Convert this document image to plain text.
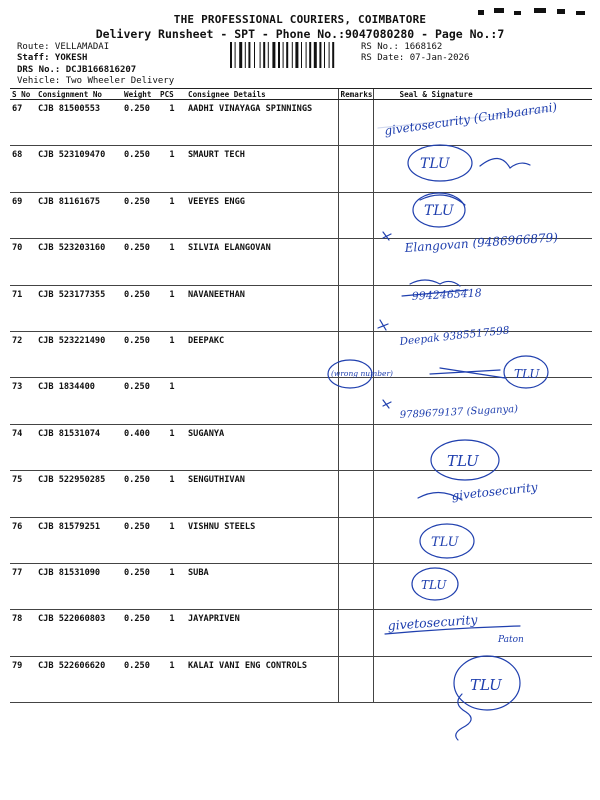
THE PROFESSIONAL COURIERS, COIMBATORE
Delivery Runsheet - SPT - Phone No.:9047080280 - Page No.:7
Route: VELLAMADAI
Staff: YOKESH
DRS No.: DCJB166816207
Vehicle: Two Wheeler Delivery
RS No.: 1668162
RS Date: 07-Jan-2026
S No	Consignment No	Weight	PCS	Consignee Details	Remarks	Seal & Signature
67	CJB 81500553	0.250	1	AADHI VINAYAGA SPINNINGS		
68	CJB 523109470	0.250	1	SMAURT TECH		
69	CJB 81161675	0.250	1	VEEYES ENGG		
70	CJB 523203160	0.250	1	SILVIA ELANGOVAN		
71	CJB 523177355	0.250	1	NAVANEETHAN		
72	CJB 523221490	0.250	1	DEEPAKC		
73	CJB 1834400	0.250	1			
74	CJB 81531074	0.400	1	SUGANYA		
75	CJB 522950285	0.250	1	SENGUTHIVAN		
76	CJB 81579251	0.250	1	VISHNU STEELS		
77	CJB 81531090	0.250	1	SUBA		
78	CJB 522060803	0.250	1	JAYAPRIVEN		
79	CJB 522606620	0.250	1	KALAI VANI ENG CONTROLS		
givetosecurity (Cumbaarani)
TLU
TLU
Elangovan (9486966879)
9942465418
Deepak 9385517598
(wrong number)	TLU
9789679137 (Suganya)
TLU
givetosecurity
TLU
TLU
givetosecurity
Paton
TLU
